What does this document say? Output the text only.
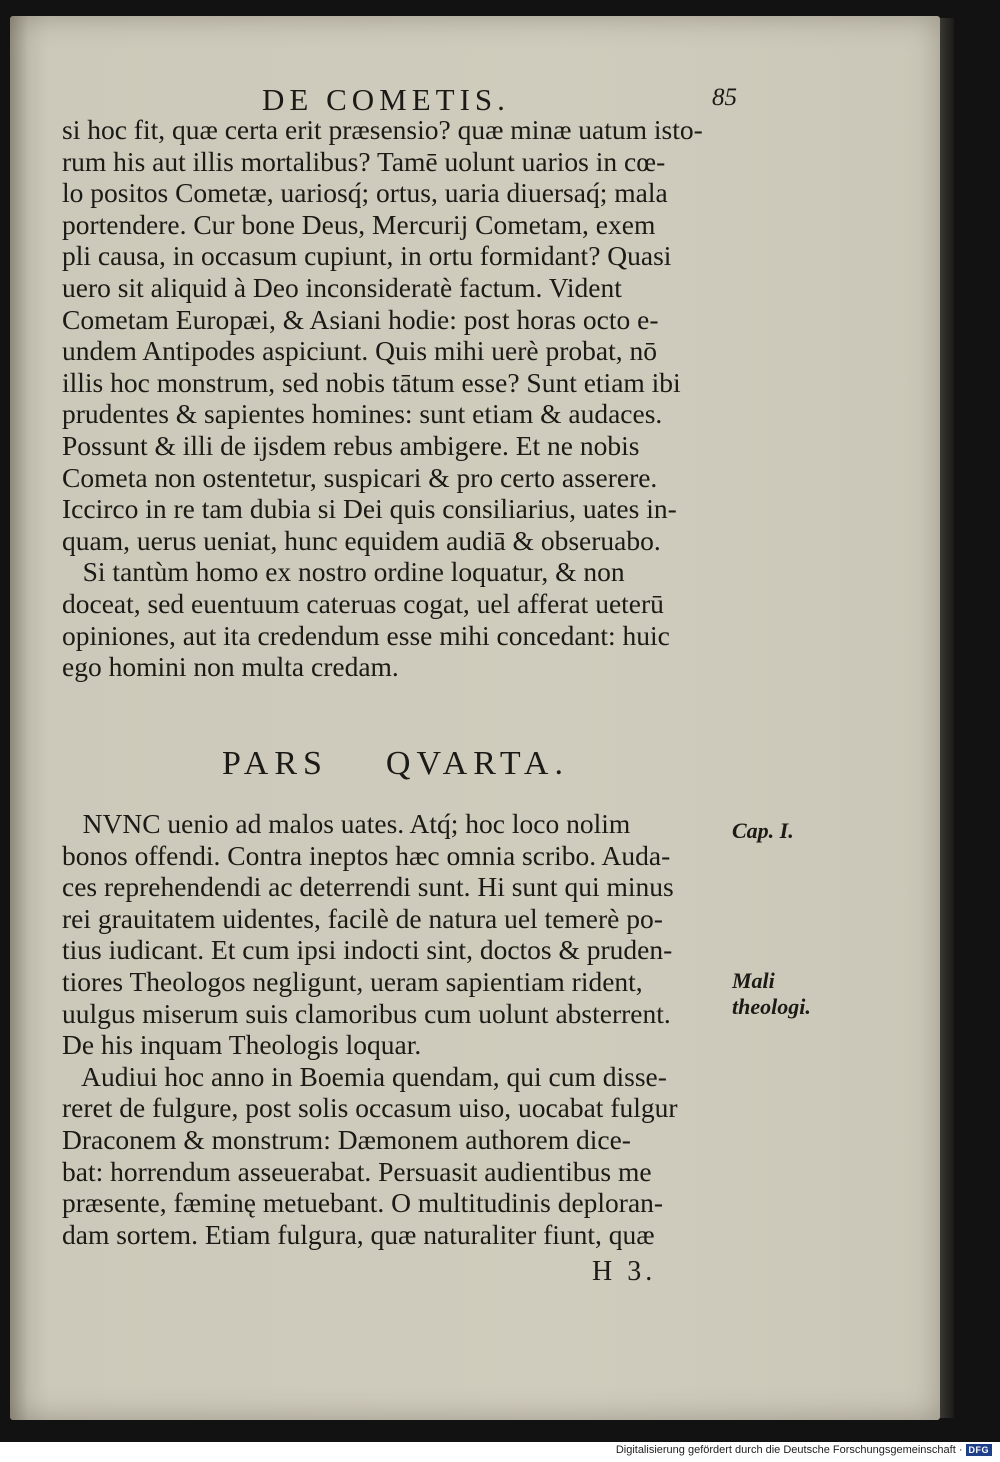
DE COMETIS.	85
si hoc fit, quæ certa erit præsensio? quæ minæ uatum isto-
rum his aut illis mortalibus? Tamē uolunt uarios in cœ-
lo positos Cometæ, uariosq́; ortus, uaria diuersaq́; mala
portendere. Cur bone Deus, Mercurij Cometam, exem
pli causa, in occasum cupiunt, in ortu formidant? Quasi
uero sit aliquid à Deo inconsideratè factum. Vident
Cometam Europæi, & Asiani hodie: post horas octo e-
undem Antipodes aspiciunt. Quis mihi uerè probat, nō
illis hoc monstrum, sed nobis tātum esse? Sunt etiam ibi
prudentes & sapientes homines: sunt etiam & audaces.
Possunt & illi de ijsdem rebus ambigere. Et ne nobis
Cometa non ostentetur, suspicari & pro certo asserere.
Iccirco in re tam dubia si Dei quis consiliarius, uates in-
quam, uerus ueniat, hunc equidem audiā & obseruabo.
Si tantùm homo ex nostro ordine loquatur, & non
doceat, sed euentuum cateruas cogat, uel afferat ueterū
opiniones, aut ita credendum esse mihi concedant: huic
ego homini non multa credam.
PARS    QVARTA.
NVNC uenio ad malos uates. Atq́; hoc loco nolim
bonos offendi. Contra ineptos hæc omnia scribo. Auda-
ces reprehendendi ac deterrendi sunt. Hi sunt qui minus
rei grauitatem uidentes, facilè de natura uel temerè po-
tius iudicant. Et cum ipsi indocti sint, doctos & pruden-
tiores Theologos negligunt, ueram sapientiam rident,
uulgus miserum suis clamoribus cum uolunt absterrent.
De his inquam Theologis loquar.
Audiui hoc anno in Boemia quendam, qui cum disse-
reret de fulgure, post solis occasum uiso, uocabat fulgur
Draconem & monstrum: Dæmonem authorem dice-
bat: horrendum asseuerabat. Persuasit audientibus me
præsente, fæminę metuebant. O multitudinis deploran-
dam sortem. Etiam fulgura, quæ naturaliter fiunt, quæ
Cap. I.
Mali theologi.
H 3.
Digitalisierung gefördert durch die Deutsche Forschungsgemeinschaft · DFG
